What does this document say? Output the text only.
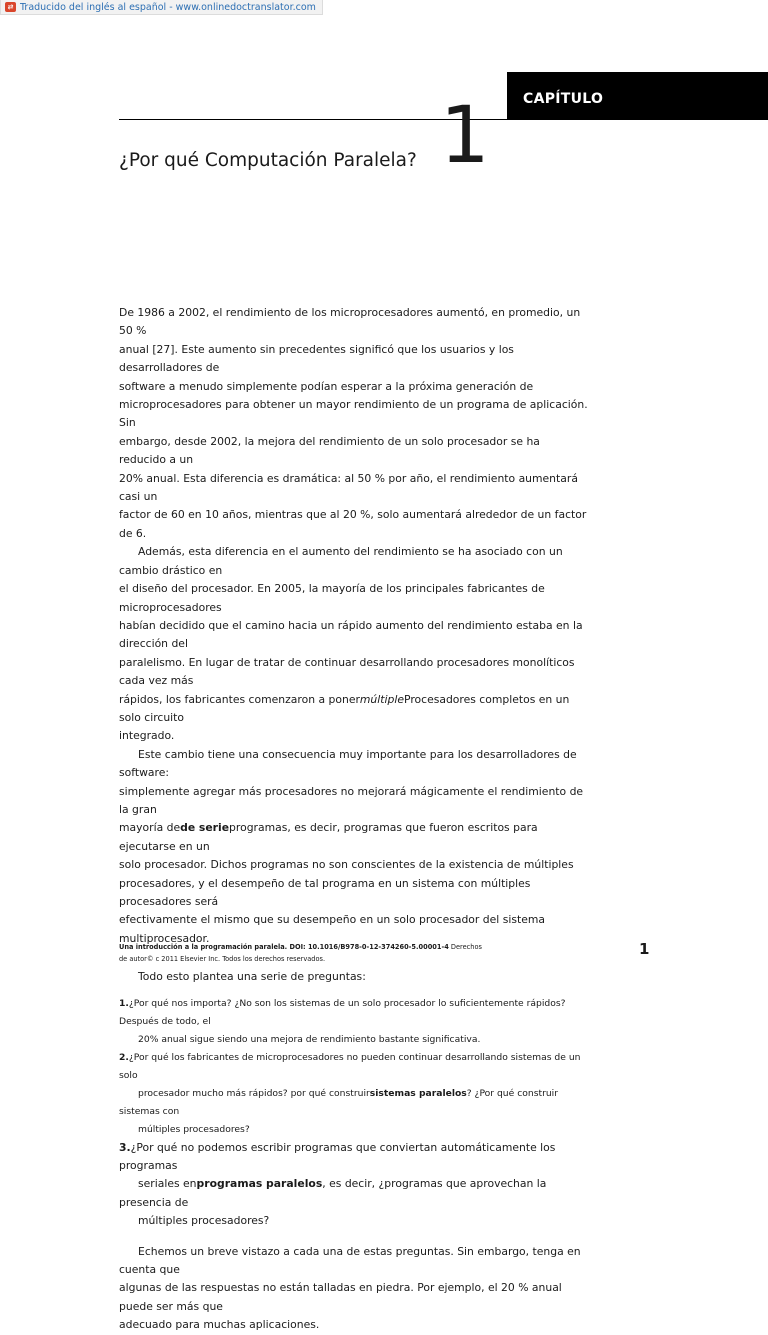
⇄ Traducido del inglés al español - www.onlinedoctranslator.com
CAPÍTULO
1
¿Por qué Computación Paralela?

De 1986 a 2002, el rendimiento de los microprocesadores aumentó, en promedio, un 50 %
anual [27]. Este aumento sin precedentes significó que los usuarios y los desarrolladores de
software a menudo simplemente podían esperar a la próxima generación de
microprocesadores para obtener un mayor rendimiento de un programa de aplicación. Sin
embargo, desde 2002, la mejora del rendimiento de un solo procesador se ha reducido a un
20% anual. Esta diferencia es dramática: al 50 % por año, el rendimiento aumentará casi un
factor de 60 en 10 años, mientras que al 20 %, solo aumentará alrededor de un factor de 6.

Además, esta diferencia en el aumento del rendimiento se ha asociado con un cambio drástico en
el diseño del procesador. En 2005, la mayoría de los principales fabricantes de microprocesadores
habían decidido que el camino hacia un rápido aumento del rendimiento estaba en la dirección del
paralelismo. En lugar de tratar de continuar desarrollando procesadores monolíticos cada vez más
rápidos, los fabricantes comenzaron a ponermúltipleProcesadores completos en un solo circuito
integrado.

Este cambio tiene una consecuencia muy importante para los desarrolladores de software:
simplemente agregar más procesadores no mejorará mágicamente el rendimiento de la gran
mayoría dede serieprogramas, es decir, programas que fueron escritos para ejecutarse en un
solo procesador. Dichos programas no son conscientes de la existencia de múltiples
procesadores, y el desempeño de tal programa en un sistema con múltiples procesadores será
efectivamente el mismo que su desempeño en un solo procesador del sistema multiprocesador.

Todo esto plantea una serie de preguntas:

1.¿Por qué nos importa? ¿No son los sistemas de un solo procesador lo suficientemente rápidos? Después de todo, el
20% anual sigue siendo una mejora de rendimiento bastante significativa.

2.¿Por qué los fabricantes de microprocesadores no pueden continuar desarrollando sistemas de un solo
procesador mucho más rápidos? por qué construirsistemas paralelos? ¿Por qué construir sistemas con
múltiples procesadores?

3.¿Por qué no podemos escribir programas que conviertan automáticamente los programas
seriales enprogramas paralelos, es decir, ¿programas que aprovechan la presencia de
múltiples procesadores?

Echemos un breve vistazo a cada una de estas preguntas. Sin embargo, tenga en cuenta que
algunas de las respuestas no están talladas en piedra. Por ejemplo, el 20 % anual puede ser más que
adecuado para muchas aplicaciones.

Una introducción a la programación paralela. DOI: 10.1016/B978-0-12-374260-5.00001-4 Derechos
de autor© c 2011 Elsevier Inc. Todos los derechos reservados.
1
